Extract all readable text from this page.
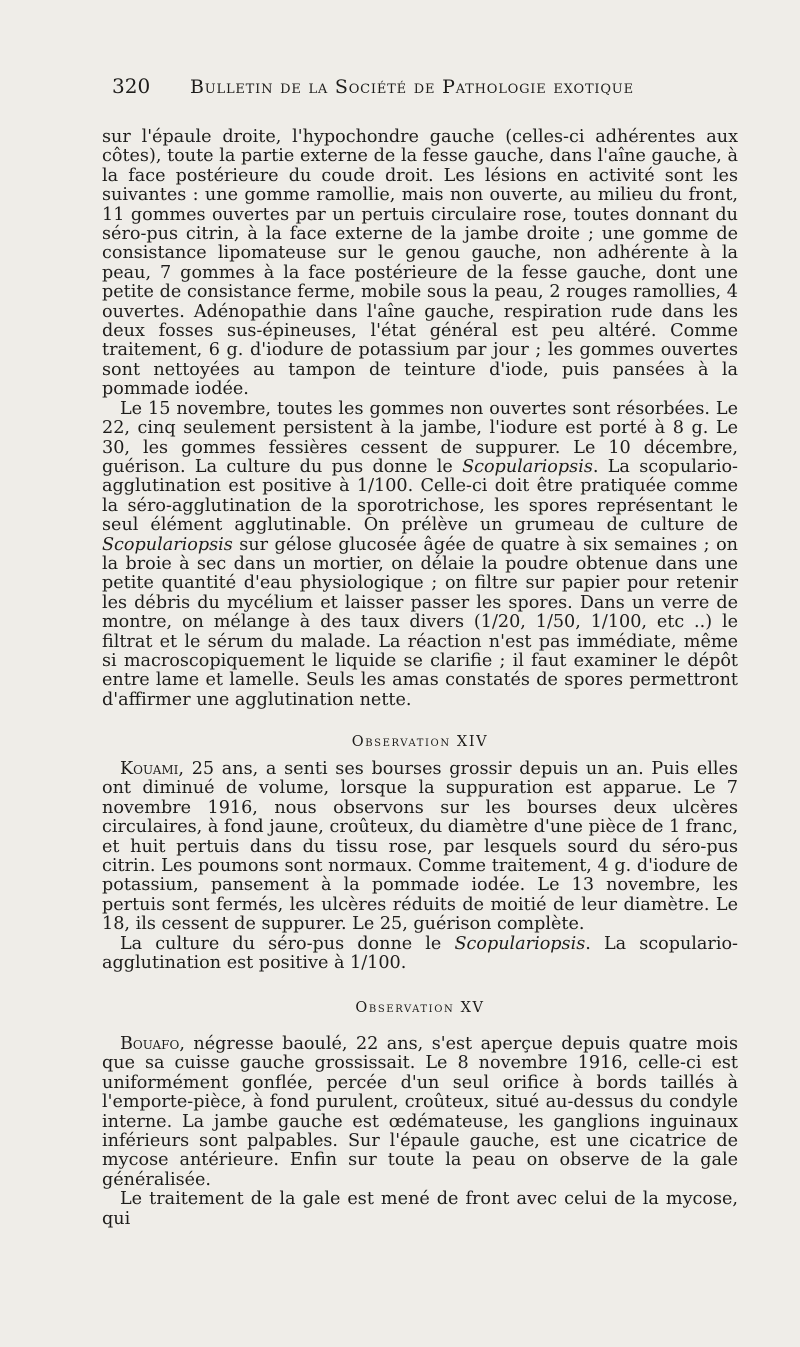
320 Bulletin de la Société de Pathologie exotique

sur l'épaule droite, l'hypochondre gauche (celles-ci adhérentes aux côtes), toute la partie externe de la fesse gauche, dans l'aîne gauche, à la face postérieure du coude droit. Les lésions en activité sont les suivantes : une gomme ramollie, mais non ouverte, au milieu du front, 11 gommes ouvertes par un pertuis circulaire rose, toutes donnant du séro-pus citrin, à la face externe de la jambe droite ; une gomme de consistance lipomateuse sur le genou gauche, non adhérente à la peau, 7 gommes à la face postérieure de la fesse gauche, dont une petite de consistance ferme, mobile sous la peau, 2 rouges ramollies, 4 ouvertes. Adénopathie dans l'aîne gauche, respiration rude dans les deux fosses sus-épineuses, l'état général est peu altéré. Comme traitement, 6 g. d'iodure de potassium par jour ; les gommes ouvertes sont nettoyées au tampon de teinture d'iode, puis pansées à la pommade iodée.

Le 15 novembre, toutes les gommes non ouvertes sont résorbées. Le 22, cinq seulement persistent à la jambe, l'iodure est porté à 8 g. Le 30, les gommes fessières cessent de suppurer. Le 10 décembre, guérison. La culture du pus donne le Scopulariopsis. La scopulario-agglutination est positive à 1/100. Celle-ci doit être pratiquée comme la séro-agglutination de la sporotrichose, les spores représentant le seul élément agglutinable. On prélève un grumeau de culture de Scopulariopsis sur gélose glucosée âgée de quatre à six semaines ; on la broie à sec dans un mortier, on délaie la poudre obtenue dans une petite quantité d'eau physiologique ; on filtre sur papier pour retenir les débris du mycélium et laisser passer les spores. Dans un verre de montre, on mélange à des taux divers (1/20, 1/50, 1/100, etc ..) le filtrat et le sérum du malade. La réaction n'est pas immédiate, même si macroscopiquement le liquide se clarifie ; il faut examiner le dépôt entre lame et lamelle. Seuls les amas constatés de spores permettront d'affirmer une agglutination nette.

Observation XIV

Kouami, 25 ans, a senti ses bourses grossir depuis un an. Puis elles ont diminué de volume, lorsque la suppuration est apparue. Le 7 novembre 1916, nous observons sur les bourses deux ulcères circulaires, à fond jaune, croûteux, du diamètre d'une pièce de 1 franc, et huit pertuis dans du tissu rose, par lesquels sourd du séro-pus citrin. Les poumons sont normaux. Comme traitement, 4 g. d'iodure de potassium, pansement à la pommade iodée. Le 13 novembre, les pertuis sont fermés, les ulcères réduits de moitié de leur diamètre. Le 18, ils cessent de suppurer. Le 25, guérison complète.

La culture du séro-pus donne le Scopulariopsis. La scopulario-agglutination est positive à 1/100.

Observation XV

Bouafo, négresse baoulé, 22 ans, s'est aperçue depuis quatre mois que sa cuisse gauche grossissait. Le 8 novembre 1916, celle-ci est uniformément gonflée, percée d'un seul orifice à bords taillés à l'emporte-pièce, à fond purulent, croûteux, situé au-dessus du condyle interne. La jambe gauche est œdémateuse, les ganglions inguinaux inférieurs sont palpables. Sur l'épaule gauche, est une cicatrice de mycose antérieure. Enfin sur toute la peau on observe de la gale généralisée.

Le traitement de la gale est mené de front avec celui de la mycose, qui
